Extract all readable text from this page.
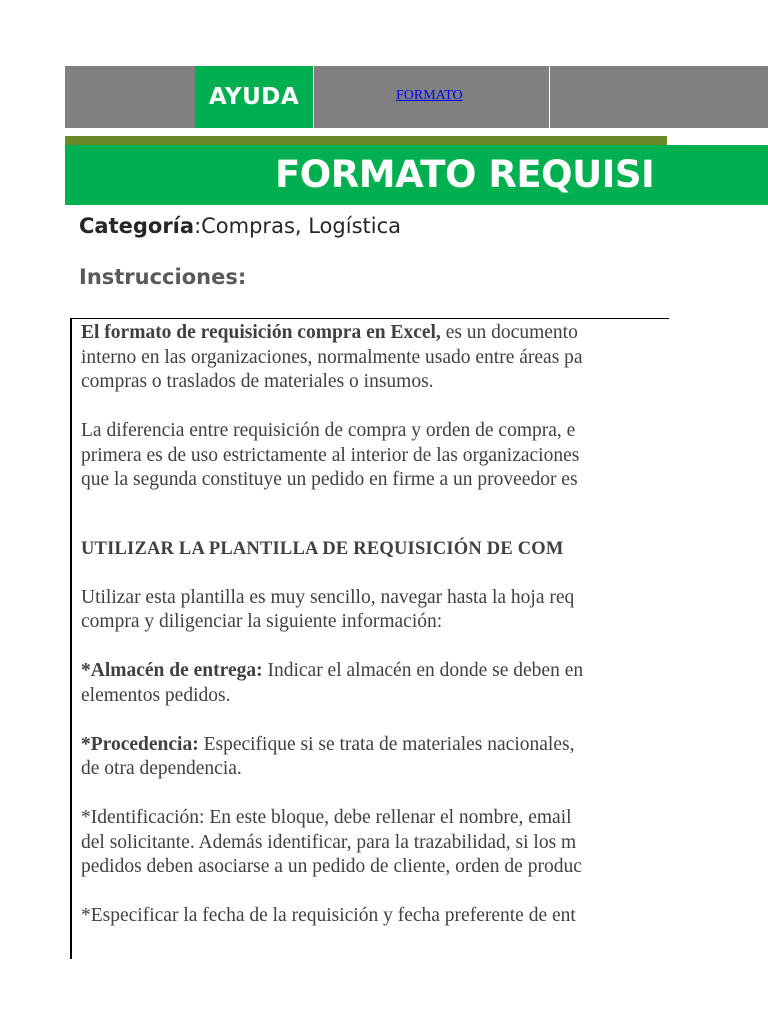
AYUDA	FORMATO
FORMATO REQUISI
Categoría:Compras, Logística
Instrucciones:

El formato de requisición compra en Excel, es un documento

interno en las organizaciones, normalmente usado entre áreas pa

compras o traslados de materiales o insumos.

La diferencia entre requisición de compra y orden de compra, e

primera es de uso estrictamente al interior de las organizaciones

que la segunda constituye un pedido en firme a un proveedor es

UTILIZAR LA PLANTILLA DE REQUISICIÓN DE COM

Utilizar esta plantilla es muy sencillo, navegar hasta la hoja req

compra y diligenciar la siguiente información:

*Almacén de entrega: Indicar el almacén en donde se deben en

elementos pedidos.

*Procedencia: Especifique si se trata de materiales nacionales,

de otra dependencia.

*Identificación: En este bloque, debe rellenar el nombre, email

del solicitante. Además identificar, para la trazabilidad, si los m

pedidos deben asociarse a un pedido de cliente, orden de produc

*Especificar la fecha de la requisición y fecha preferente de ent
